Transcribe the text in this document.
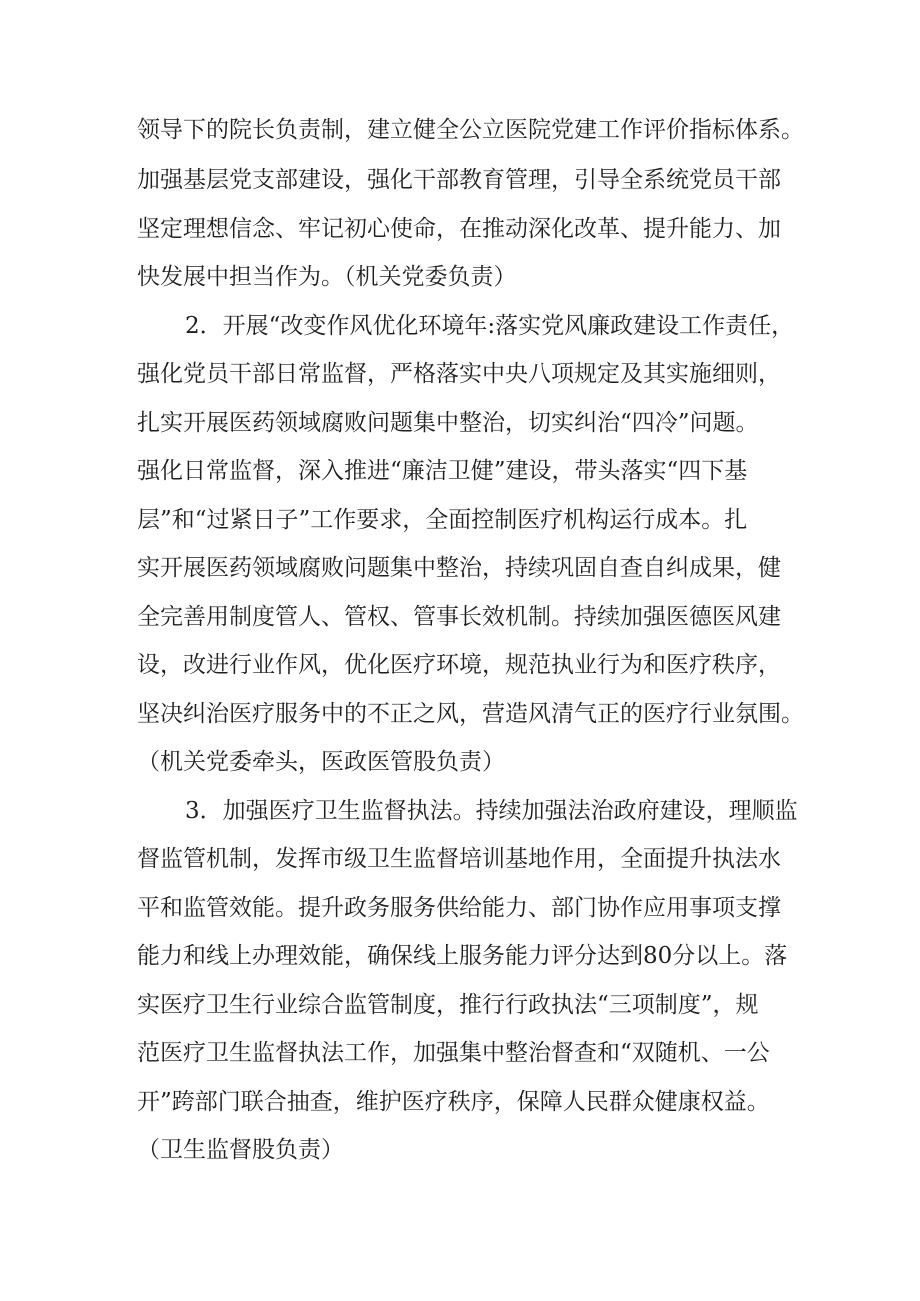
领导下的院长负责制，建立健全公立医院党建工作评价指标体系。
加强基层党支部建设，强化干部教育管理，引导全系统党员干部
坚定理想信念、牢记初心使命，在推动深化改革、提升能力、加
快发展中担当作为。（机关党委负责）
2．开展“改变作风优化环境年:落实党风廉政建设工作责任，
强化党员干部日常监督，严格落实中央八项规定及其实施细则，
扎实开展医药领域腐败问题集中整治，切实纠治“四冷”问题。
强化日常监督，深入推进“廉洁卫健”建设，带头落实“四下基
层”和“过紧日子”工作要求，全面控制医疗机构运行成本。扎
实开展医药领域腐败问题集中整治，持续巩固自查自纠成果，健
全完善用制度管人、管权、管事长效机制。持续加强医德医风建
设，改进行业作风，优化医疗环境，规范执业行为和医疗秩序，
坚决纠治医疗服务中的不正之风，营造风清气正的医疗行业氛围。
（机关党委牵头，医政医管股负责）
3．加强医疗卫生监督执法。持续加强法治政府建设，理顺监
督监管机制，发挥市级卫生监督培训基地作用，全面提升执法水
平和监管效能。提升政务服务供给能力、部门协作应用事项支撑
能力和线上办理效能，确保线上服务能力评分达到80分以上。落
实医疗卫生行业综合监管制度，推行行政执法“三项制度”，规
范医疗卫生监督执法工作，加强集中整治督查和“双随机、一公
开”跨部门联合抽查，维护医疗秩序，保障人民群众健康权益。
（卫生监督股负责）
